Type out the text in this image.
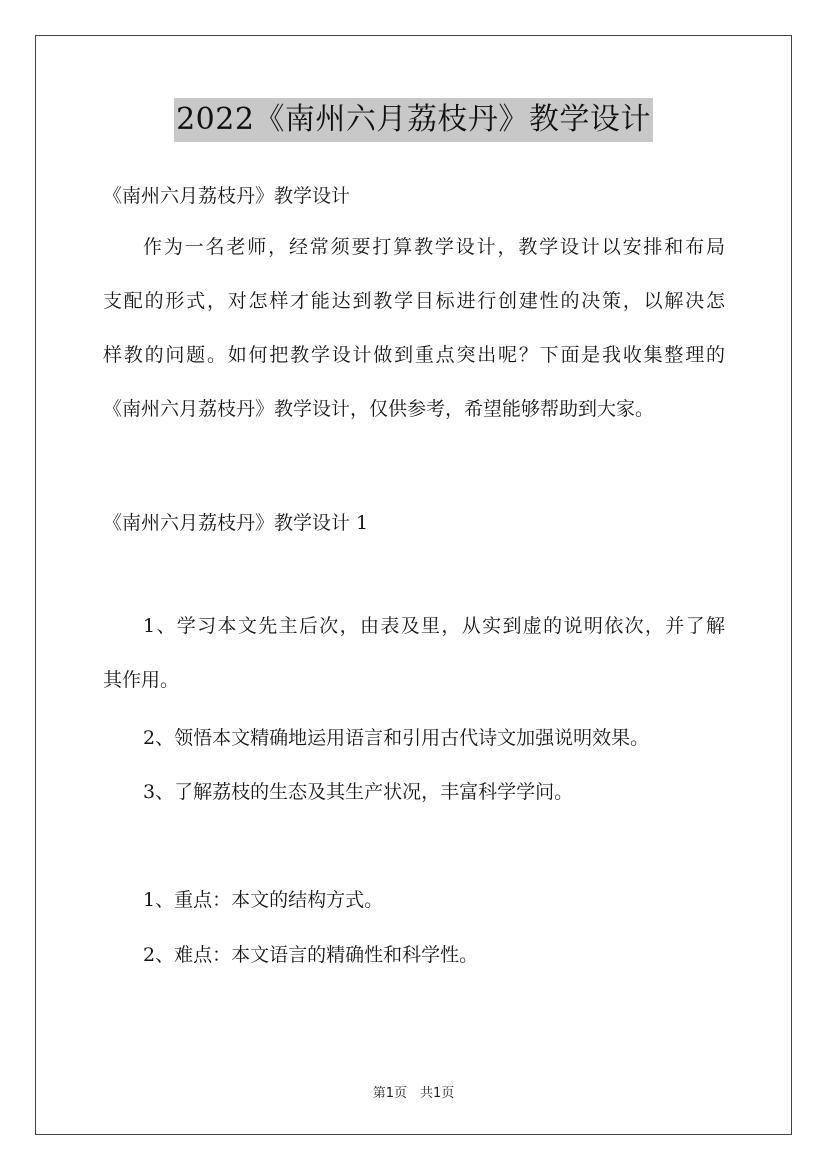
2022《南州六月荔枝丹》教学设计
《南州六月荔枝丹》教学设计
作为一名老师，经常须要打算教学设计，教学设计以安排和布局
支配的形式，对怎样才能达到教学目标进行创建性的决策，以解决怎
样教的问题。如何把教学设计做到重点突出呢？下面是我收集整理的
《南州六月荔枝丹》教学设计，仅供参考，希望能够帮助到大家。
《南州六月荔枝丹》教学设计 1
1、学习本文先主后次，由表及里，从实到虚的说明依次，并了解
其作用。
2、领悟本文精确地运用语言和引用古代诗文加强说明效果。
3、了解荔枝的生态及其生产状况，丰富科学学问。
1、重点：本文的结构方式。
2、难点：本文语言的精确性和科学性。
第1页　共1页
